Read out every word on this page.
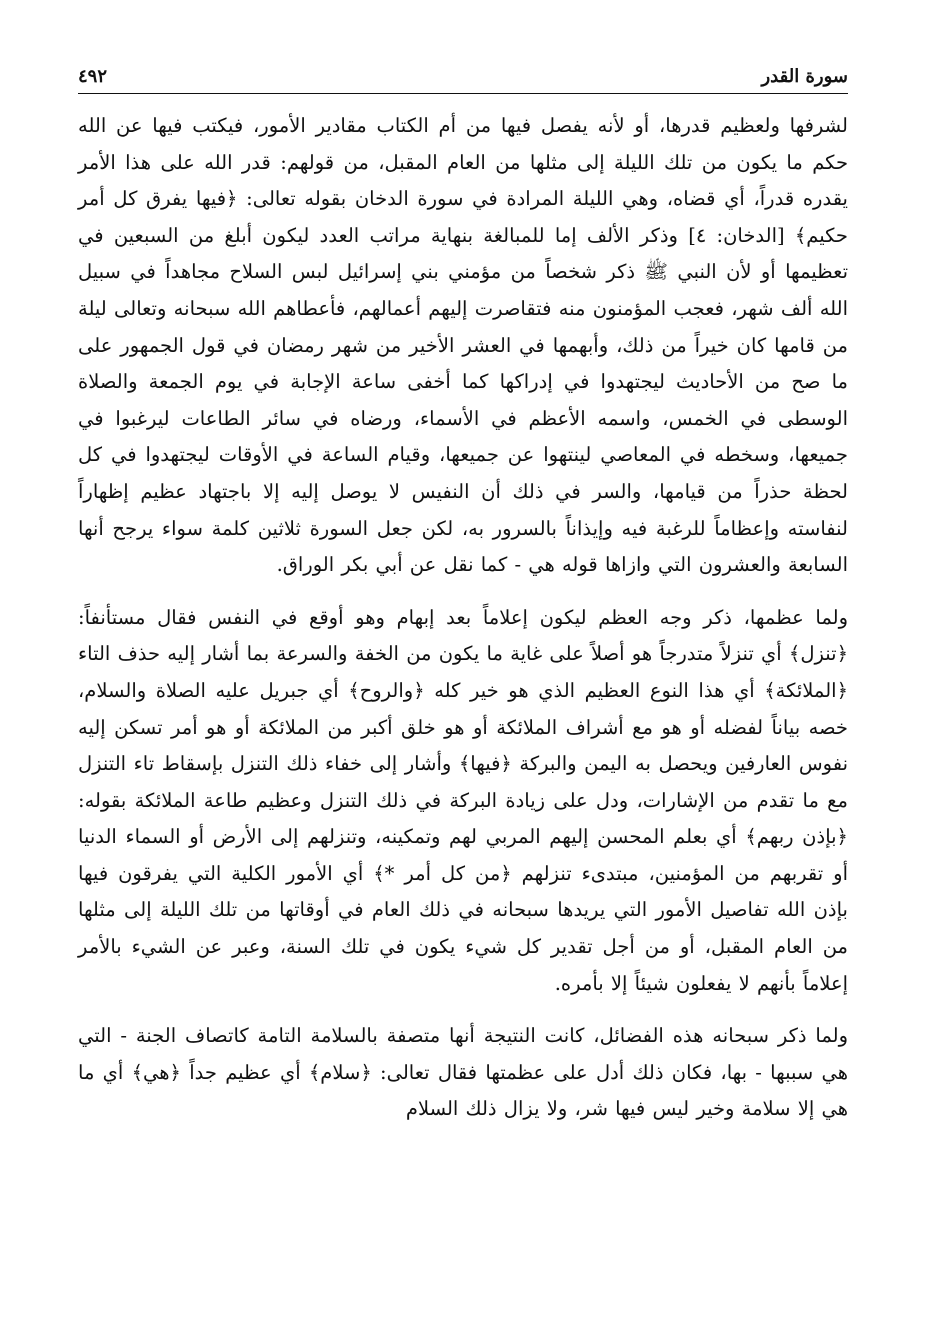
سورة القدر
٤٩٢

لشرفها ولعظيم قدرها، أو لأنه يفصل فيها من أم الكتاب مقادير الأمور، فيكتب فيها عن الله حكم ما يكون من تلك الليلة إلى مثلها من العام المقبل، من قولهم: قدر الله على هذا الأمر يقدره قدراً، أي قضاه، وهي الليلة المرادة في سورة الدخان بقوله تعالى: ﴿فيها يفرق كل أمر حكيم﴾ [الدخان: ٤] وذكر الألف إما للمبالغة بنهاية مراتب العدد ليكون أبلغ من السبعين في تعظيمها أو لأن النبي ﷺ ذكر شخصاً من مؤمني بني إسرائيل لبس السلاح مجاهداً في سبيل الله ألف شهر، فعجب المؤمنون منه فتقاصرت إليهم أعمالهم، فأعطاهم الله سبحانه وتعالى ليلة من قامها كان خيراً من ذلك، وأبهمها في العشر الأخير من شهر رمضان في قول الجمهور على ما صح من الأحاديث ليجتهدوا في إدراكها كما أخفى ساعة الإجابة في يوم الجمعة والصلاة الوسطى في الخمس، واسمه الأعظم في الأسماء، ورضاه في سائر الطاعات ليرغبوا في جميعها، وسخطه في المعاصي لينتهوا عن جميعها، وقيام الساعة في الأوقات ليجتهدوا في كل لحظة حذراً من قيامها، والسر في ذلك أن النفيس لا يوصل إليه إلا باجتهاد عظيم إظهاراً لنفاسته وإعظاماً للرغبة فيه وإيذاناً بالسرور به، لكن جعل السورة ثلاثين كلمة سواء يرجح أنها السابعة والعشرون التي وازاها قوله هي - كما نقل عن أبي بكر الوراق.

ولما عظمها، ذكر وجه العظم ليكون إعلاماً بعد إبهام وهو أوقع في النفس فقال مستأنفاً: ﴿تنزل﴾ أي تنزلاً متدرجاً هو أصلاً على غاية ما يكون من الخفة والسرعة بما أشار إليه حذف التاء ﴿الملائكة﴾ أي هذا النوع العظيم الذي هو خير كله ﴿والروح﴾ أي جبريل عليه الصلاة والسلام، خصه بياناً لفضله أو هو مع أشراف الملائكة أو هو خلق أكبر من الملائكة أو هو أمر تسكن إليه نفوس العارفين ويحصل به اليمن والبركة ﴿فيها﴾ وأشار إلى خفاء ذلك التنزل بإسقاط تاء التنزل مع ما تقدم من الإشارات، ودل على زيادة البركة في ذلك التنزل وعظيم طاعة الملائكة بقوله: ﴿بإذن ربهم﴾ أي بعلم المحسن إليهم المربي لهم وتمكينه، وتنزلهم إلى الأرض أو السماء الدنيا أو تقربهم من المؤمنين، مبتدىء تنزلهم ﴿من كل أمر *﴾ أي الأمور الكلية التي يفرقون فيها بإذن الله تفاصيل الأمور التي يريدها سبحانه في ذلك العام في أوقاتها من تلك الليلة إلى مثلها من العام المقبل، أو من أجل تقدير كل شيء يكون في تلك السنة، وعبر عن الشيء بالأمر إعلاماً بأنهم لا يفعلون شيئاً إلا بأمره.

ولما ذكر سبحانه هذه الفضائل، كانت النتيجة أنها متصفة بالسلامة التامة كاتصاف الجنة - التي هي سببها - بها، فكان ذلك أدل على عظمتها فقال تعالى: ﴿سلام﴾ أي عظيم جداً ﴿هي﴾ أي ما هي إلا سلامة وخير ليس فيها شر، ولا يزال ذلك السلام
